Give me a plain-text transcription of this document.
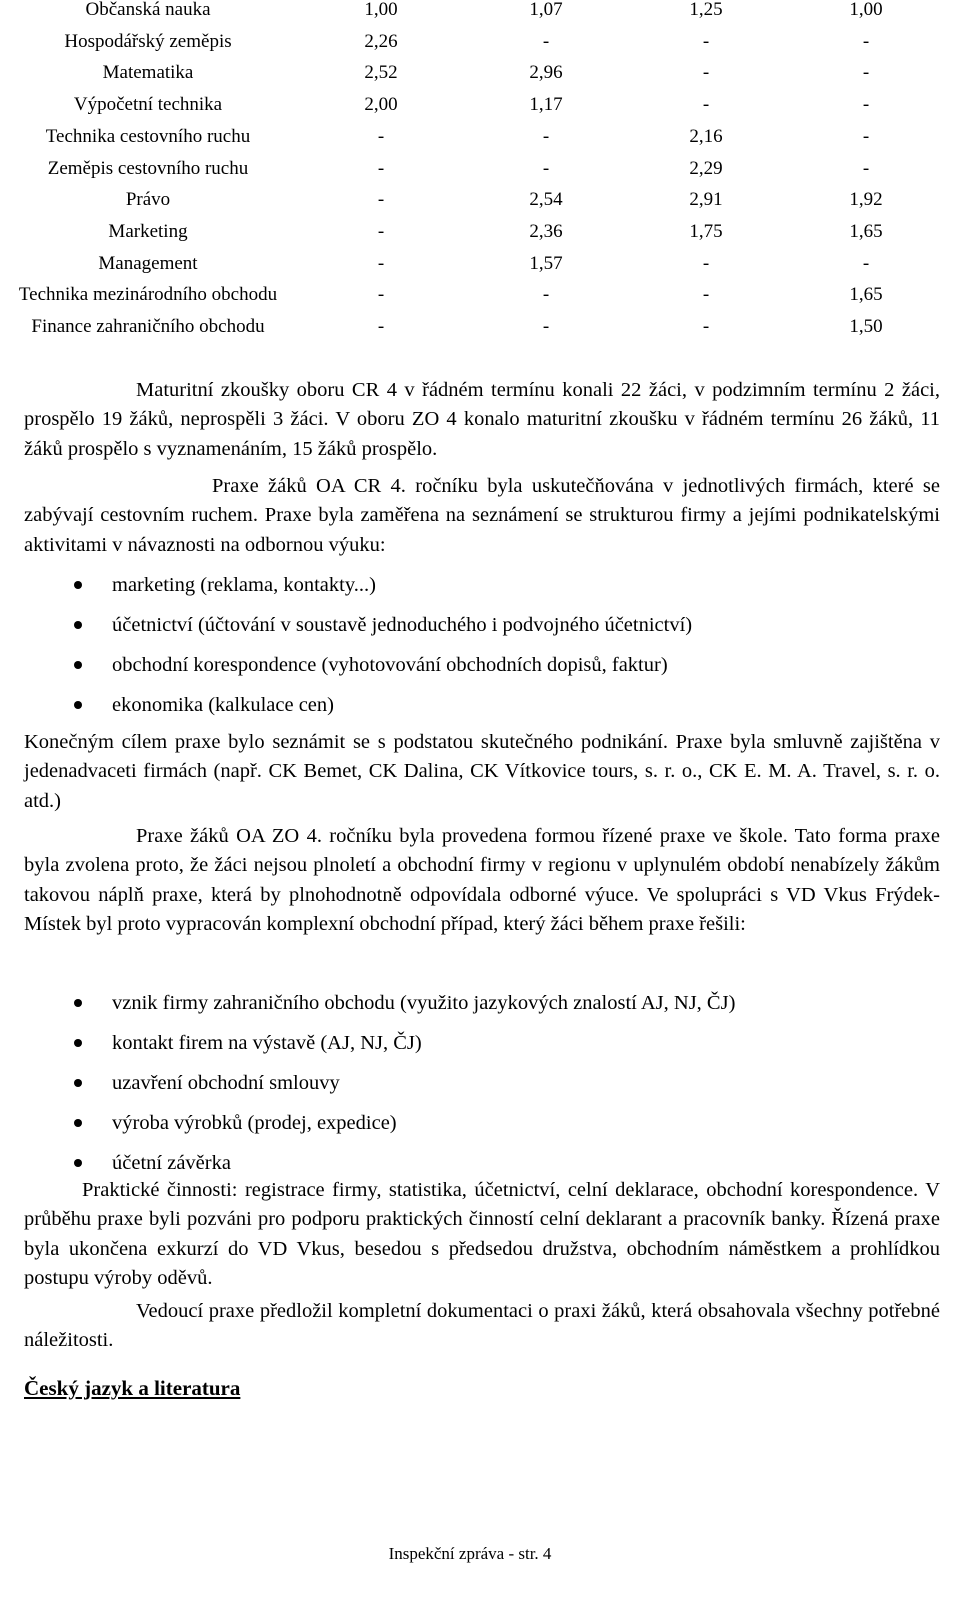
Občanská nauka	1,00	1,07	1,25	1,00
Hospodářský zeměpis	2,26	-	-	-
Matematika	2,52	2,96	-	-
Výpočetní technika	2,00	1,17	-	-
Technika cestovního ruchu	-	-	2,16	-
Zeměpis cestovního ruchu	-	-	2,29	-
Právo	-	2,54	2,91	1,92
Marketing	-	2,36	1,75	1,65
Management	-	1,57	-	-
Technika mezinárodního obchodu	-	-	-	1,65
Finance zahraničního obchodu	-	-	-	1,50

Maturitní zkoušky oboru CR 4 v řádném termínu konali 22 žáci, v podzimním termínu 2 žáci, prospělo 19 žáků, neprospěli 3 žáci. V oboru ZO 4 konalo maturitní zkoušku v řádném termínu 26 žáků, 11 žáků prospělo s vyznamenáním, 15 žáků prospělo.

Praxe žáků OA CR 4. ročníku byla uskutečňována v jednotlivých firmách, které se zabývají cestovním ruchem. Praxe byla zaměřena na seznámení se strukturou firmy a jejími podnikatelskými aktivitami v návaznosti na odbornou výuku:

marketing (reklama, kontakty...)
účetnictví (účtování v soustavě jednoduchého i podvojného účetnictví)
obchodní korespondence (vyhotovování obchodních dopisů, faktur)
ekonomika (kalkulace cen)

Konečným cílem praxe bylo seznámit se s podstatou skutečného podnikání. Praxe byla smluvně zajištěna v jedenadvaceti firmách (např. CK Bemet, CK Dalina, CK Vítkovice tours, s. r. o., CK E. M. A. Travel, s. r. o. atd.)

Praxe žáků OA ZO 4. ročníku byla provedena formou řízené praxe ve škole. Tato forma praxe byla zvolena proto, že žáci nejsou plnoletí a obchodní firmy v regionu v uplynulém období nenabízely žákům takovou náplň praxe, která by plnohodnotně odpovídala odborné výuce. Ve spolupráci s VD Vkus Frýdek-Místek byl proto vypracován komplexní obchodní případ, který žáci během praxe řešili:

vznik firmy zahraničního obchodu (využito jazykových znalostí AJ, NJ, ČJ)
kontakt firem na výstavě (AJ, NJ, ČJ)
uzavření obchodní smlouvy
výroba výrobků (prodej, expedice)
účetní závěrka

Praktické činnosti: registrace firmy, statistika, účetnictví, celní deklarace, obchodní korespondence. V průběhu praxe byli pozváni pro podporu praktických činností celní deklarant a pracovník banky. Řízená praxe byla ukončena exkurzí do VD Vkus, besedou s předsedou družstva, obchodním náměstkem a prohlídkou postupu výroby oděvů.

Vedoucí praxe předložil kompletní dokumentaci o praxi žáků, která obsahovala všechny potřebné náležitosti.

Český jazyk a literatura
Inspekční zpráva - str. 4
